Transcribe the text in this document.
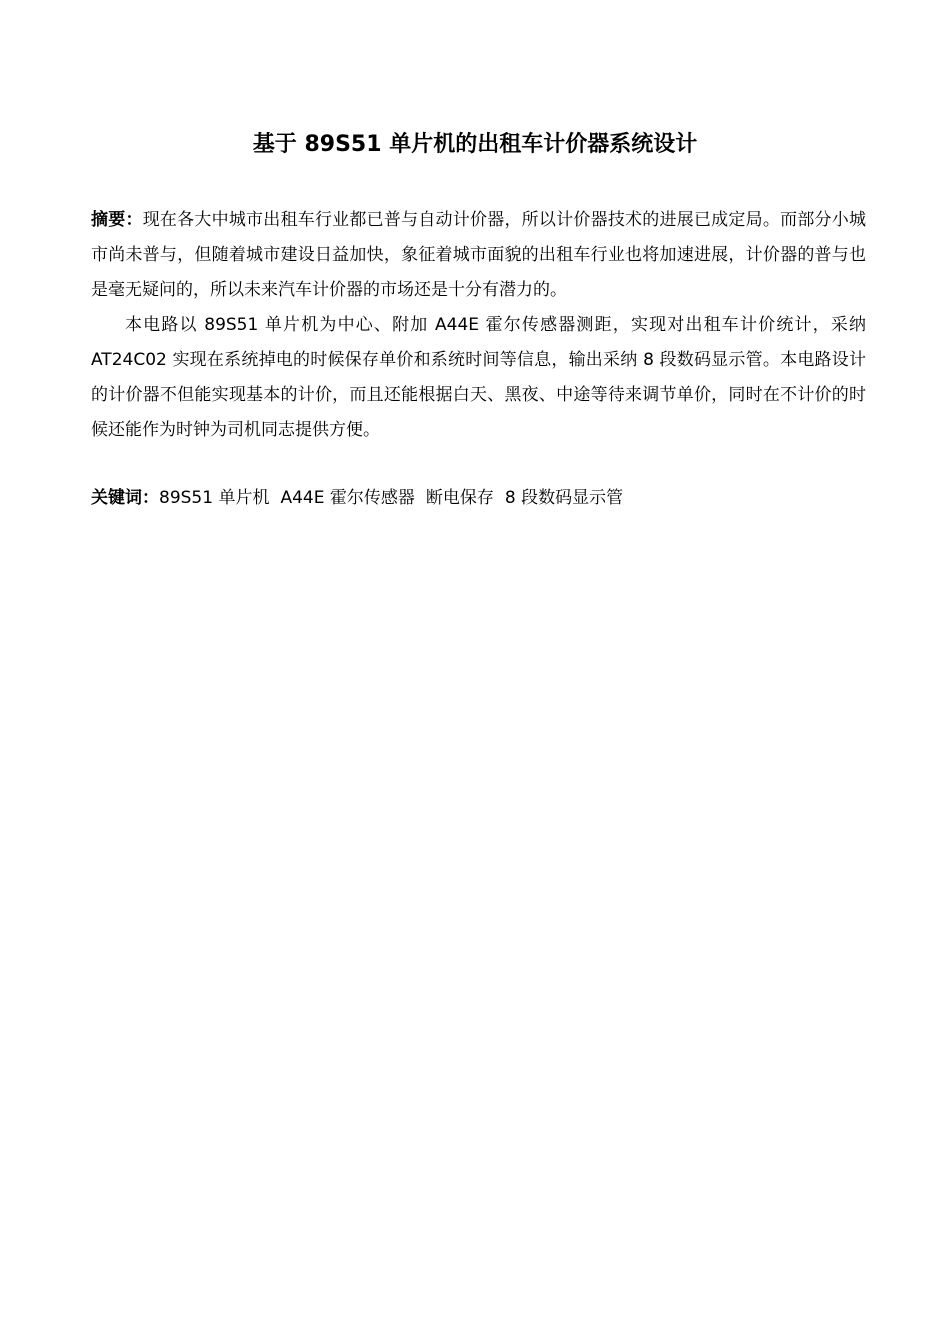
基于 89S51 单片机的出租车计价器系统设计

摘要：现在各大中城市出租车行业都已普与自动计价器，所以计价器技术的进展已成定局。而部分小城市尚未普与，但随着城市建设日益加快，象征着城市面貌的出租车行业也将加速进展，计价器的普与也是毫无疑问的，所以未来汽车计价器的市场还是十分有潜力的。

本电路以 89S51 单片机为中心、附加 A44E 霍尔传感器测距，实现对出租车计价统计，采纳 AT24C02 实现在系统掉电的时候保存单价和系统时间等信息，输出采纳 8 段数码显示管。本电路设计的计价器不但能实现基本的计价，而且还能根据白天、黑夜、中途等待来调节单价，同时在不计价的时候还能作为时钟为司机同志提供方便。

关键词：89S51 单片机 A44E 霍尔传感器 断电保存 8 段数码显示管
